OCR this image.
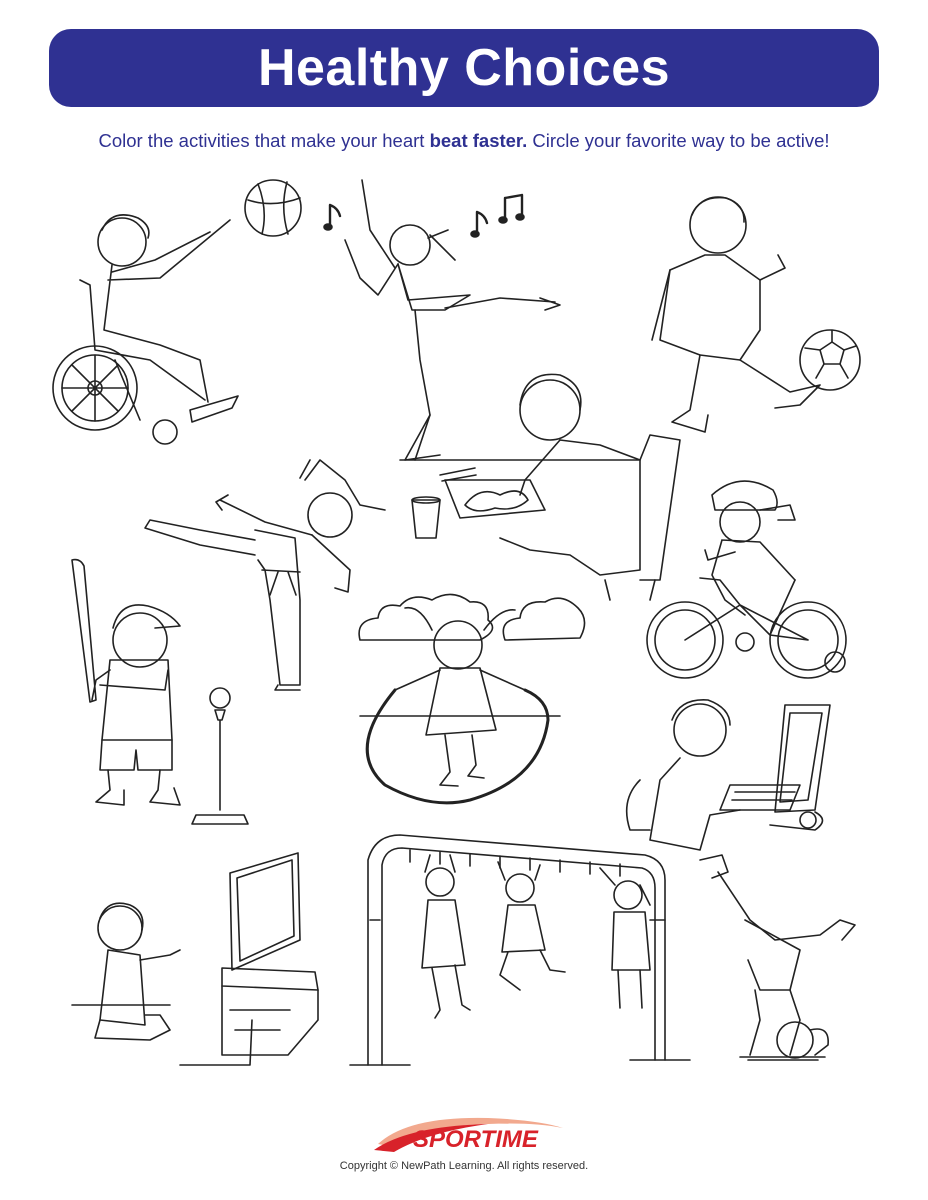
Healthy Choices
Color the activities that make your heart beat faster. Circle your favorite way to be active!
SPORTIME
Copyright © NewPath Learning. All rights reserved.
